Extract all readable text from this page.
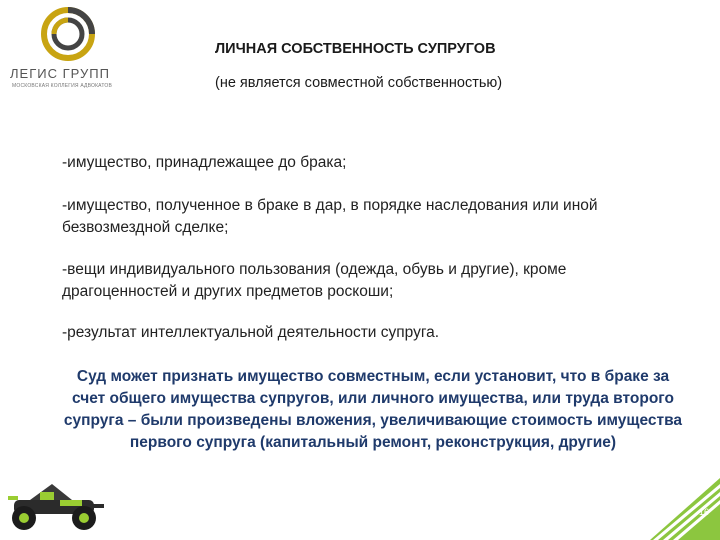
ЛЕГИС ГРУПП
МОСКОВСКАЯ КОЛЛЕГИЯ АДВОКАТОВ
ЛИЧНАЯ СОБСТВЕННОСТЬ СУПРУГОВ
(не является совместной собственностью)
-имущество, принадлежащее до брака;
-имущество, полученное в браке в дар, в порядке наследования или иной безвозмездной сделке;
-вещи индивидуального пользования (одежда, обувь и другие), кроме драгоценностей и других предметов роскоши;
-результат интеллектуальной деятельности супруга.
Суд может признать имущество совместным, если установит, что в браке за счет общего имущества супругов, или личного имущества, или труда второго супруга – были произведены вложения, увеличивающие стоимость имущества первого супруга (капитальный ремонт, реконструкция, другие)
16
